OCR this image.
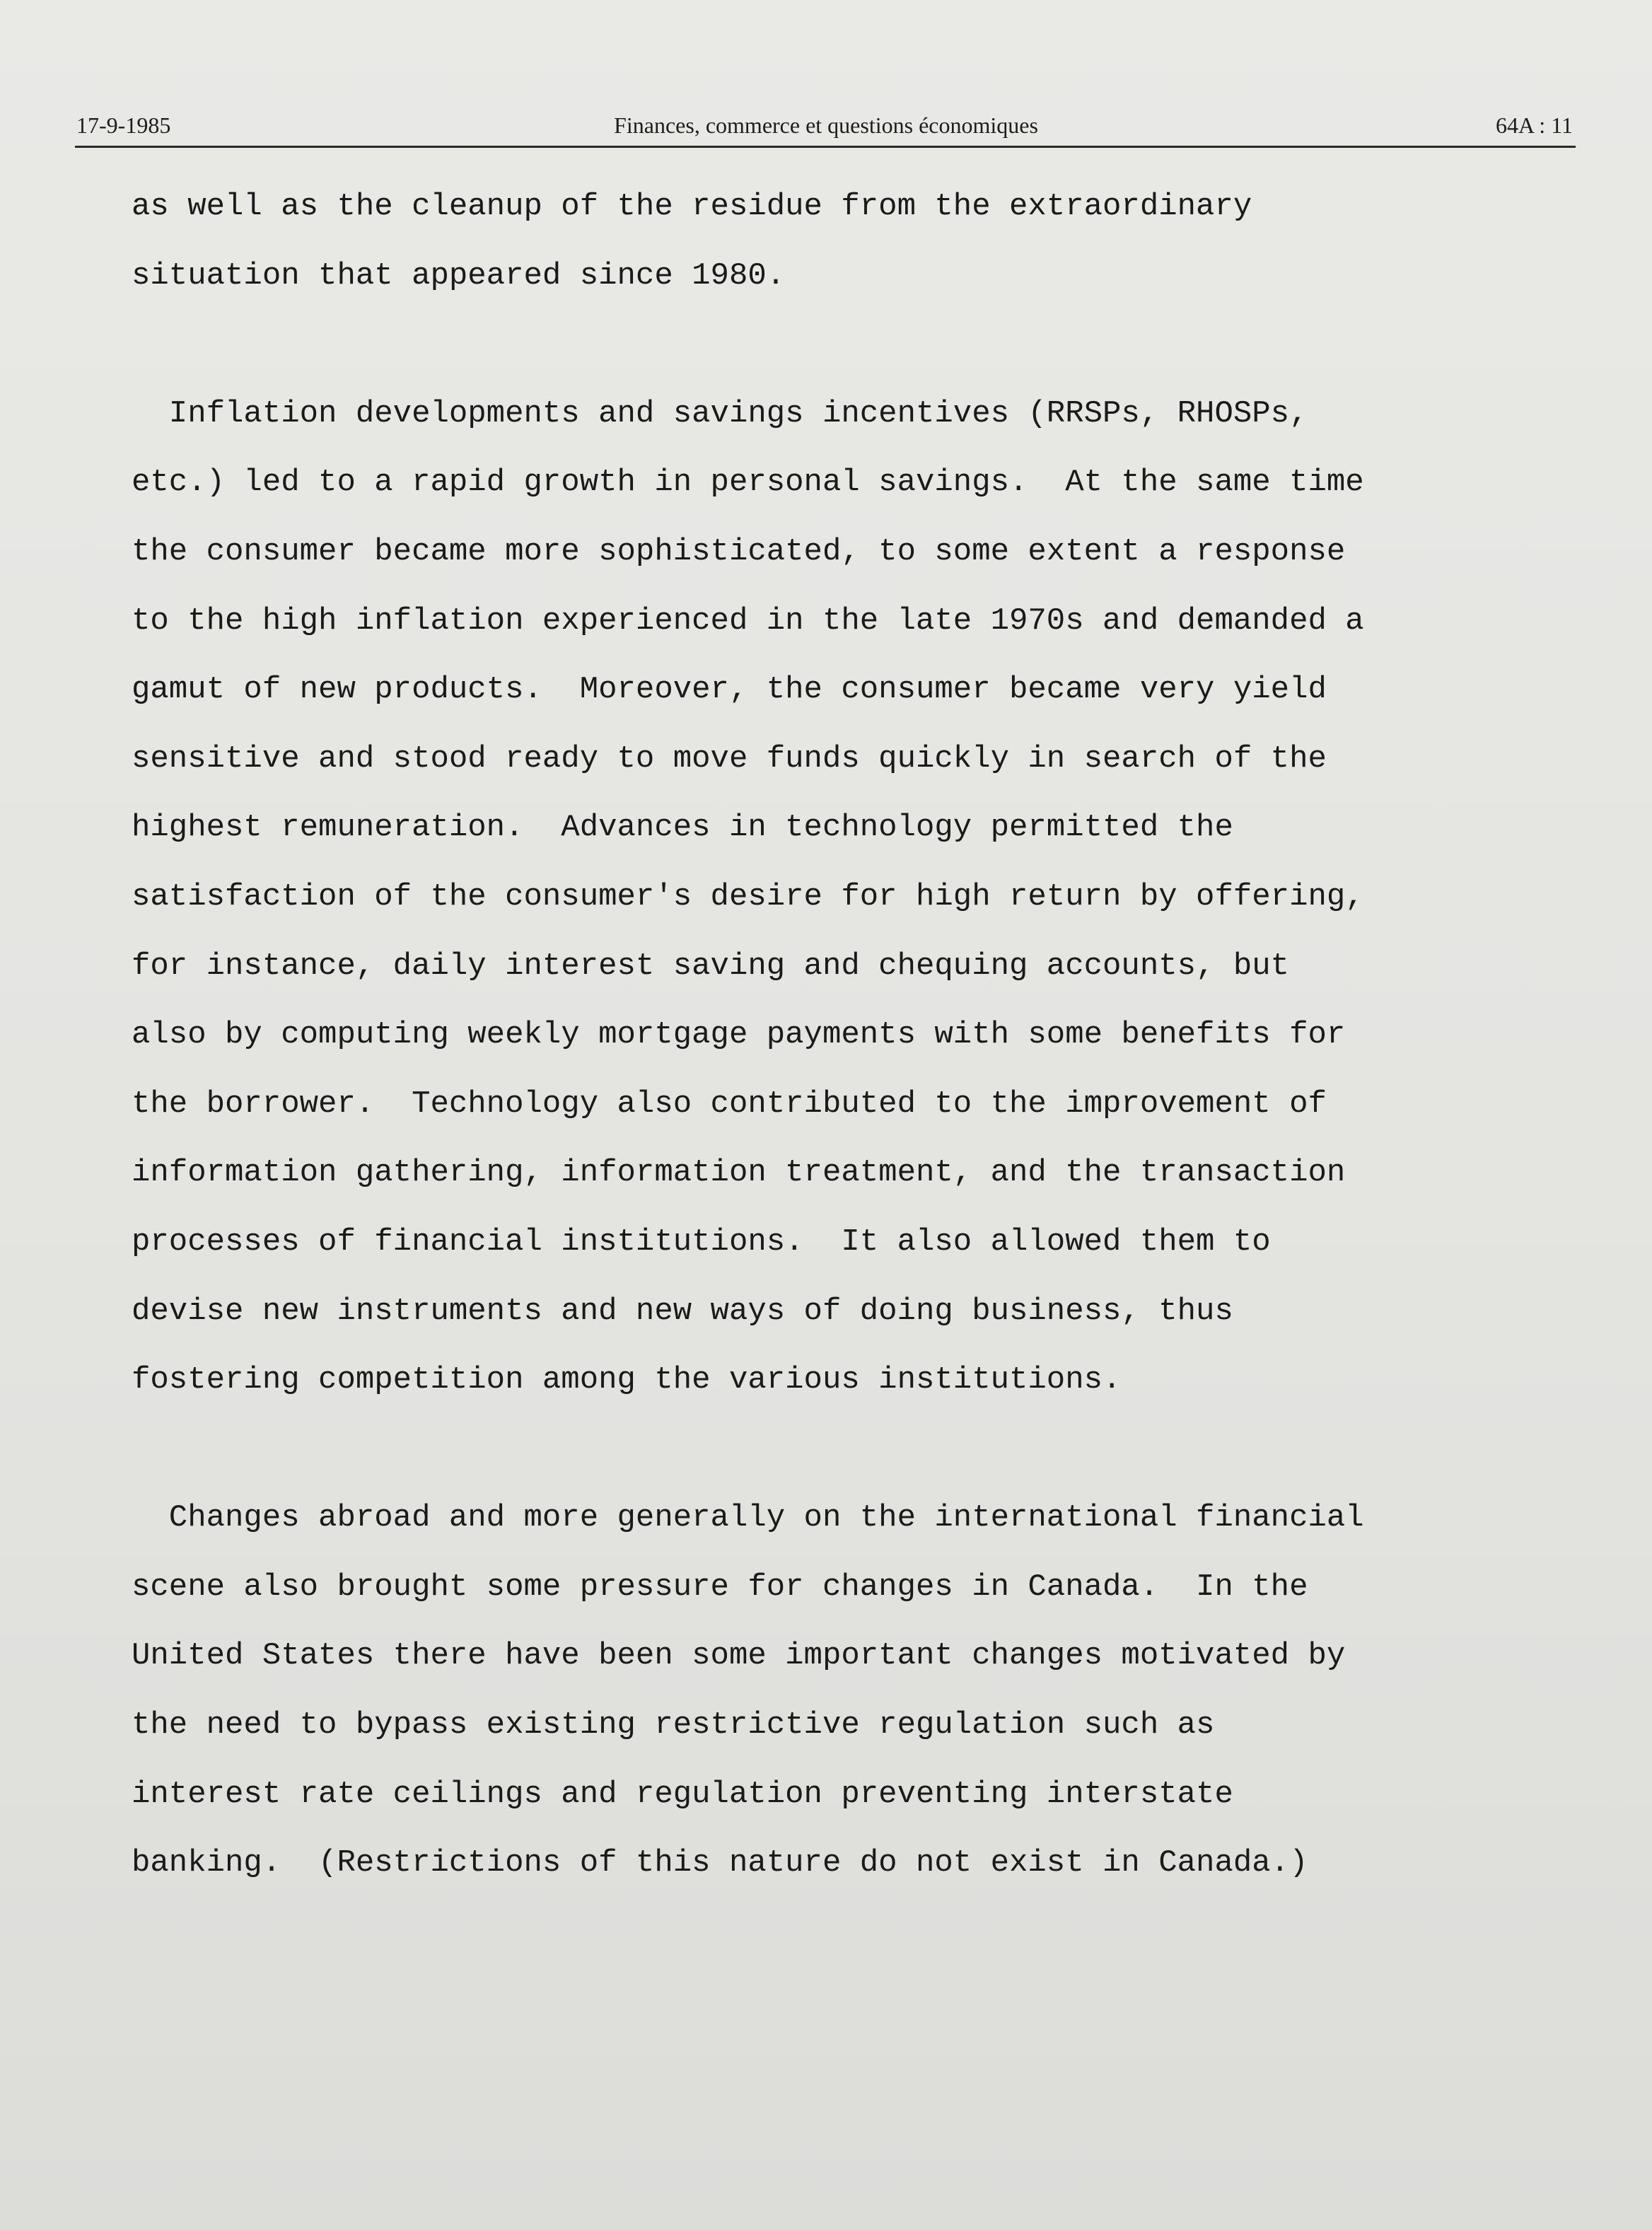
17-9-1985	Finances, commerce et questions économiques	64A : 11
as well as the cleanup of the residue from the extraordinary
situation that appeared since 1980.
Inflation developments and savings incentives (RRSPs, RHOSPs,
etc.) led to a rapid growth in personal savings.  At the same time
the consumer became more sophisticated, to some extent a response
to the high inflation experienced in the late 1970s and demanded a
gamut of new products.  Moreover, the consumer became very yield
sensitive and stood ready to move funds quickly in search of the
highest remuneration.  Advances in technology permitted the
satisfaction of the consumer's desire for high return by offering,
for instance, daily interest saving and chequing accounts, but
also by computing weekly mortgage payments with some benefits for
the borrower.  Technology also contributed to the improvement of
information gathering, information treatment, and the transaction
processes of financial institutions.  It also allowed them to
devise new instruments and new ways of doing business, thus
fostering competition among the various institutions.
Changes abroad and more generally on the international financial
scene also brought some pressure for changes in Canada.  In the
United States there have been some important changes motivated by
the need to bypass existing restrictive regulation such as
interest rate ceilings and regulation preventing interstate
banking.  (Restrictions of this nature do not exist in Canada.)
